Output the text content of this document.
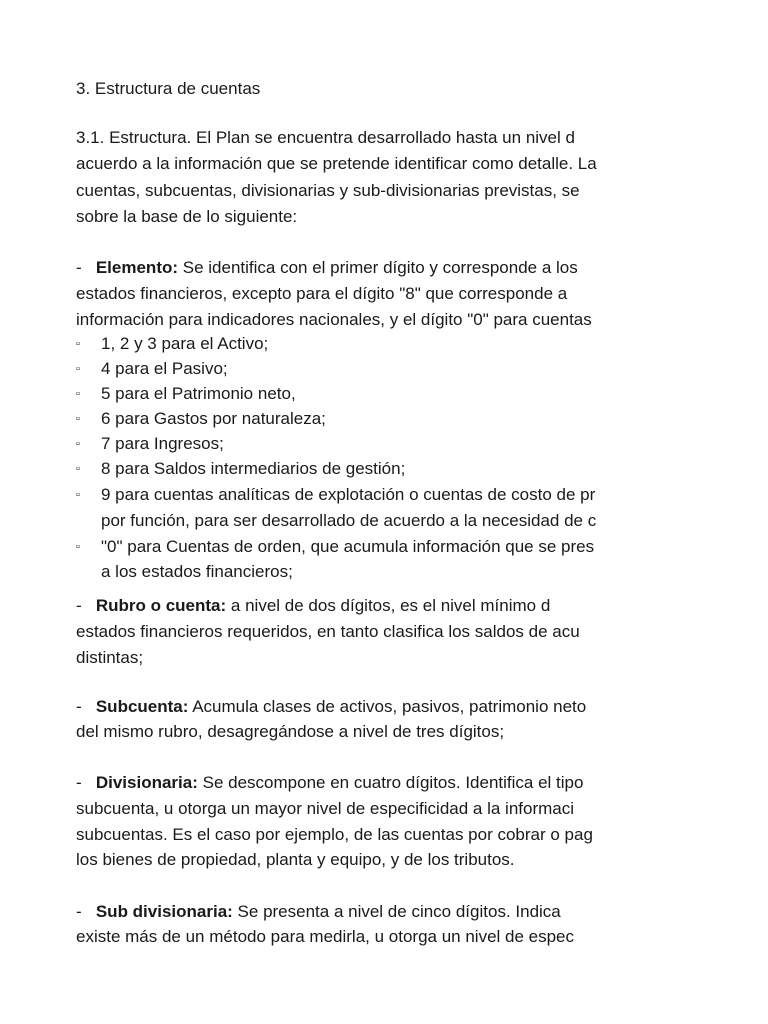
3. Estructura de cuentas
3.1. Estructura. El Plan se encuentra desarrollado hasta un nivel d
acuerdo a la información que se pretende identificar como detalle. La
cuentas, subcuentas, divisionarias y sub-divisionarias previstas, se
sobre la base de lo siguiente:
- Elemento: Se identifica con el primer dígito y corresponde a los
estados financieros, excepto para el dígito "8" que corresponde a
información para indicadores nacionales, y el dígito "0" para cuentas
▫ 1, 2 y 3 para el Activo;
▫ 4 para el Pasivo;
▫ 5 para el Patrimonio neto,
▫ 6 para Gastos por naturaleza;
▫ 7 para Ingresos;
▫ 8 para Saldos intermediarios de gestión;
▫ 9 para cuentas analíticas de explotación o cuentas de costo de pr
por función, para ser desarrollado de acuerdo a la necesidad de c
▫ "0" para Cuentas de orden, que acumula información que se pres
a los estados financieros;
- Rubro o cuenta: a nivel de dos dígitos, es el nivel mínimo d
estados financieros requeridos, en tanto clasifica los saldos de acu
distintas;
- Subcuenta: Acumula clases de activos, pasivos, patrimonio neto
del mismo rubro, desagregándose a nivel de tres dígitos;
- Divisionaria: Se descompone en cuatro dígitos. Identifica el tipo
subcuenta, u otorga un mayor nivel de especificidad a la informaci
subcuentas. Es el caso por ejemplo, de las cuentas por cobrar o pag
los bienes de propiedad, planta y equipo, y de los tributos.
- Sub divisionaria: Se presenta a nivel de cinco dígitos. Indica
existe más de un método para medirla, u otorga un nivel de espec
